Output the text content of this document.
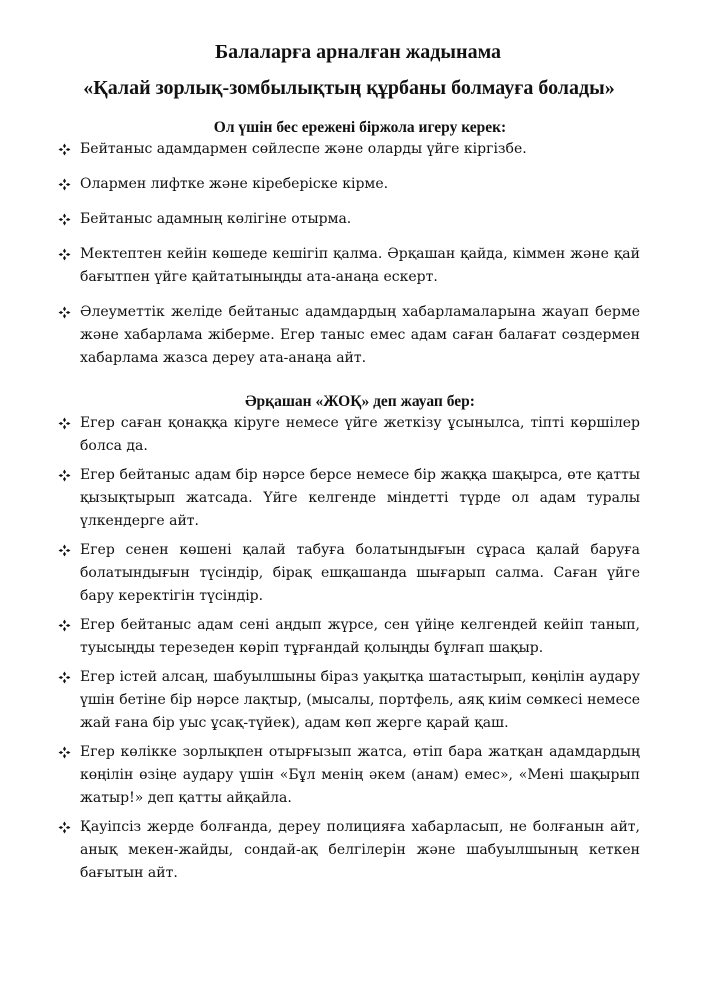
Балаларға арналған жадынама
«Қалай зорлық-зомбылықтың құрбаны болмауға болады»
Ол үшін бес ережені біржола игеру керек:
Бейтаныс адамдармен сөйлеспе және оларды үйге кіргізбе.
Олармен лифтке және кіреберіске кірме.
Бейтаныс адамның көлігіне отырма.
Мектептен кейін көшеде кешігіп қалма. Әрқашан қайда, кіммен және қай бағытпен үйге қайтатыныңды ата-анаңа ескерт.
Әлеуметтік желіде бейтаныс адамдардың хабарламаларына жауап берме және хабарлама жіберме. Егер таныс емес адам саған балағат сөздермен хабарлама жазса дереу ата-анаңа айт.
Әрқашан «ЖОҚ» деп жауап бер:
Егер саған қонаққа кіруге немесе үйге жеткізу ұсынылса, тіпті көршілер болса да.
Егер бейтаныс адам бір нәрсе берсе немесе бір жаққа шақырса, өте қатты қызықтырып жатсада. Үйге келгенде міндетті түрде ол адам туралы үлкендерге айт.
Егер сенен көшені қалай табуға болатындығын сұраса қалай баруға болатындығын түсіндір, бірақ ешқашанда шығарып салма. Саған үйге бару керектігін түсіндір.
Егер бейтаныс адам сені аңдып жүрсе, сен үйіңе келгендей кейіп танып, туысыңды терезеден көріп тұрғандай қолыңды бұлғап шақыр.
Егер істей алсаң, шабуылшыны біраз уақытқа шатастырып, көңілін аудару үшін бетіне бір нәрсе лақтыр, (мысалы, портфель, аяқ киім сөмкесі немесе жай ғана бір уыс ұсақ-түйек), адам көп жерге қарай қаш.
Егер көлікке зорлықпен отырғызып жатса, өтіп бара жатқан адамдардың көңілін өзіңе аудару үшін «Бұл менің әкем (анам) емес», «Мені шақырып жатыр!» деп қатты айқайла.
Қауіпсіз жерде болғанда, дереу полицияға хабарласып, не болғанын айт, анық мекен-жайды, сондай-ақ белгілерін және шабуылшының кеткен бағытын айт.
